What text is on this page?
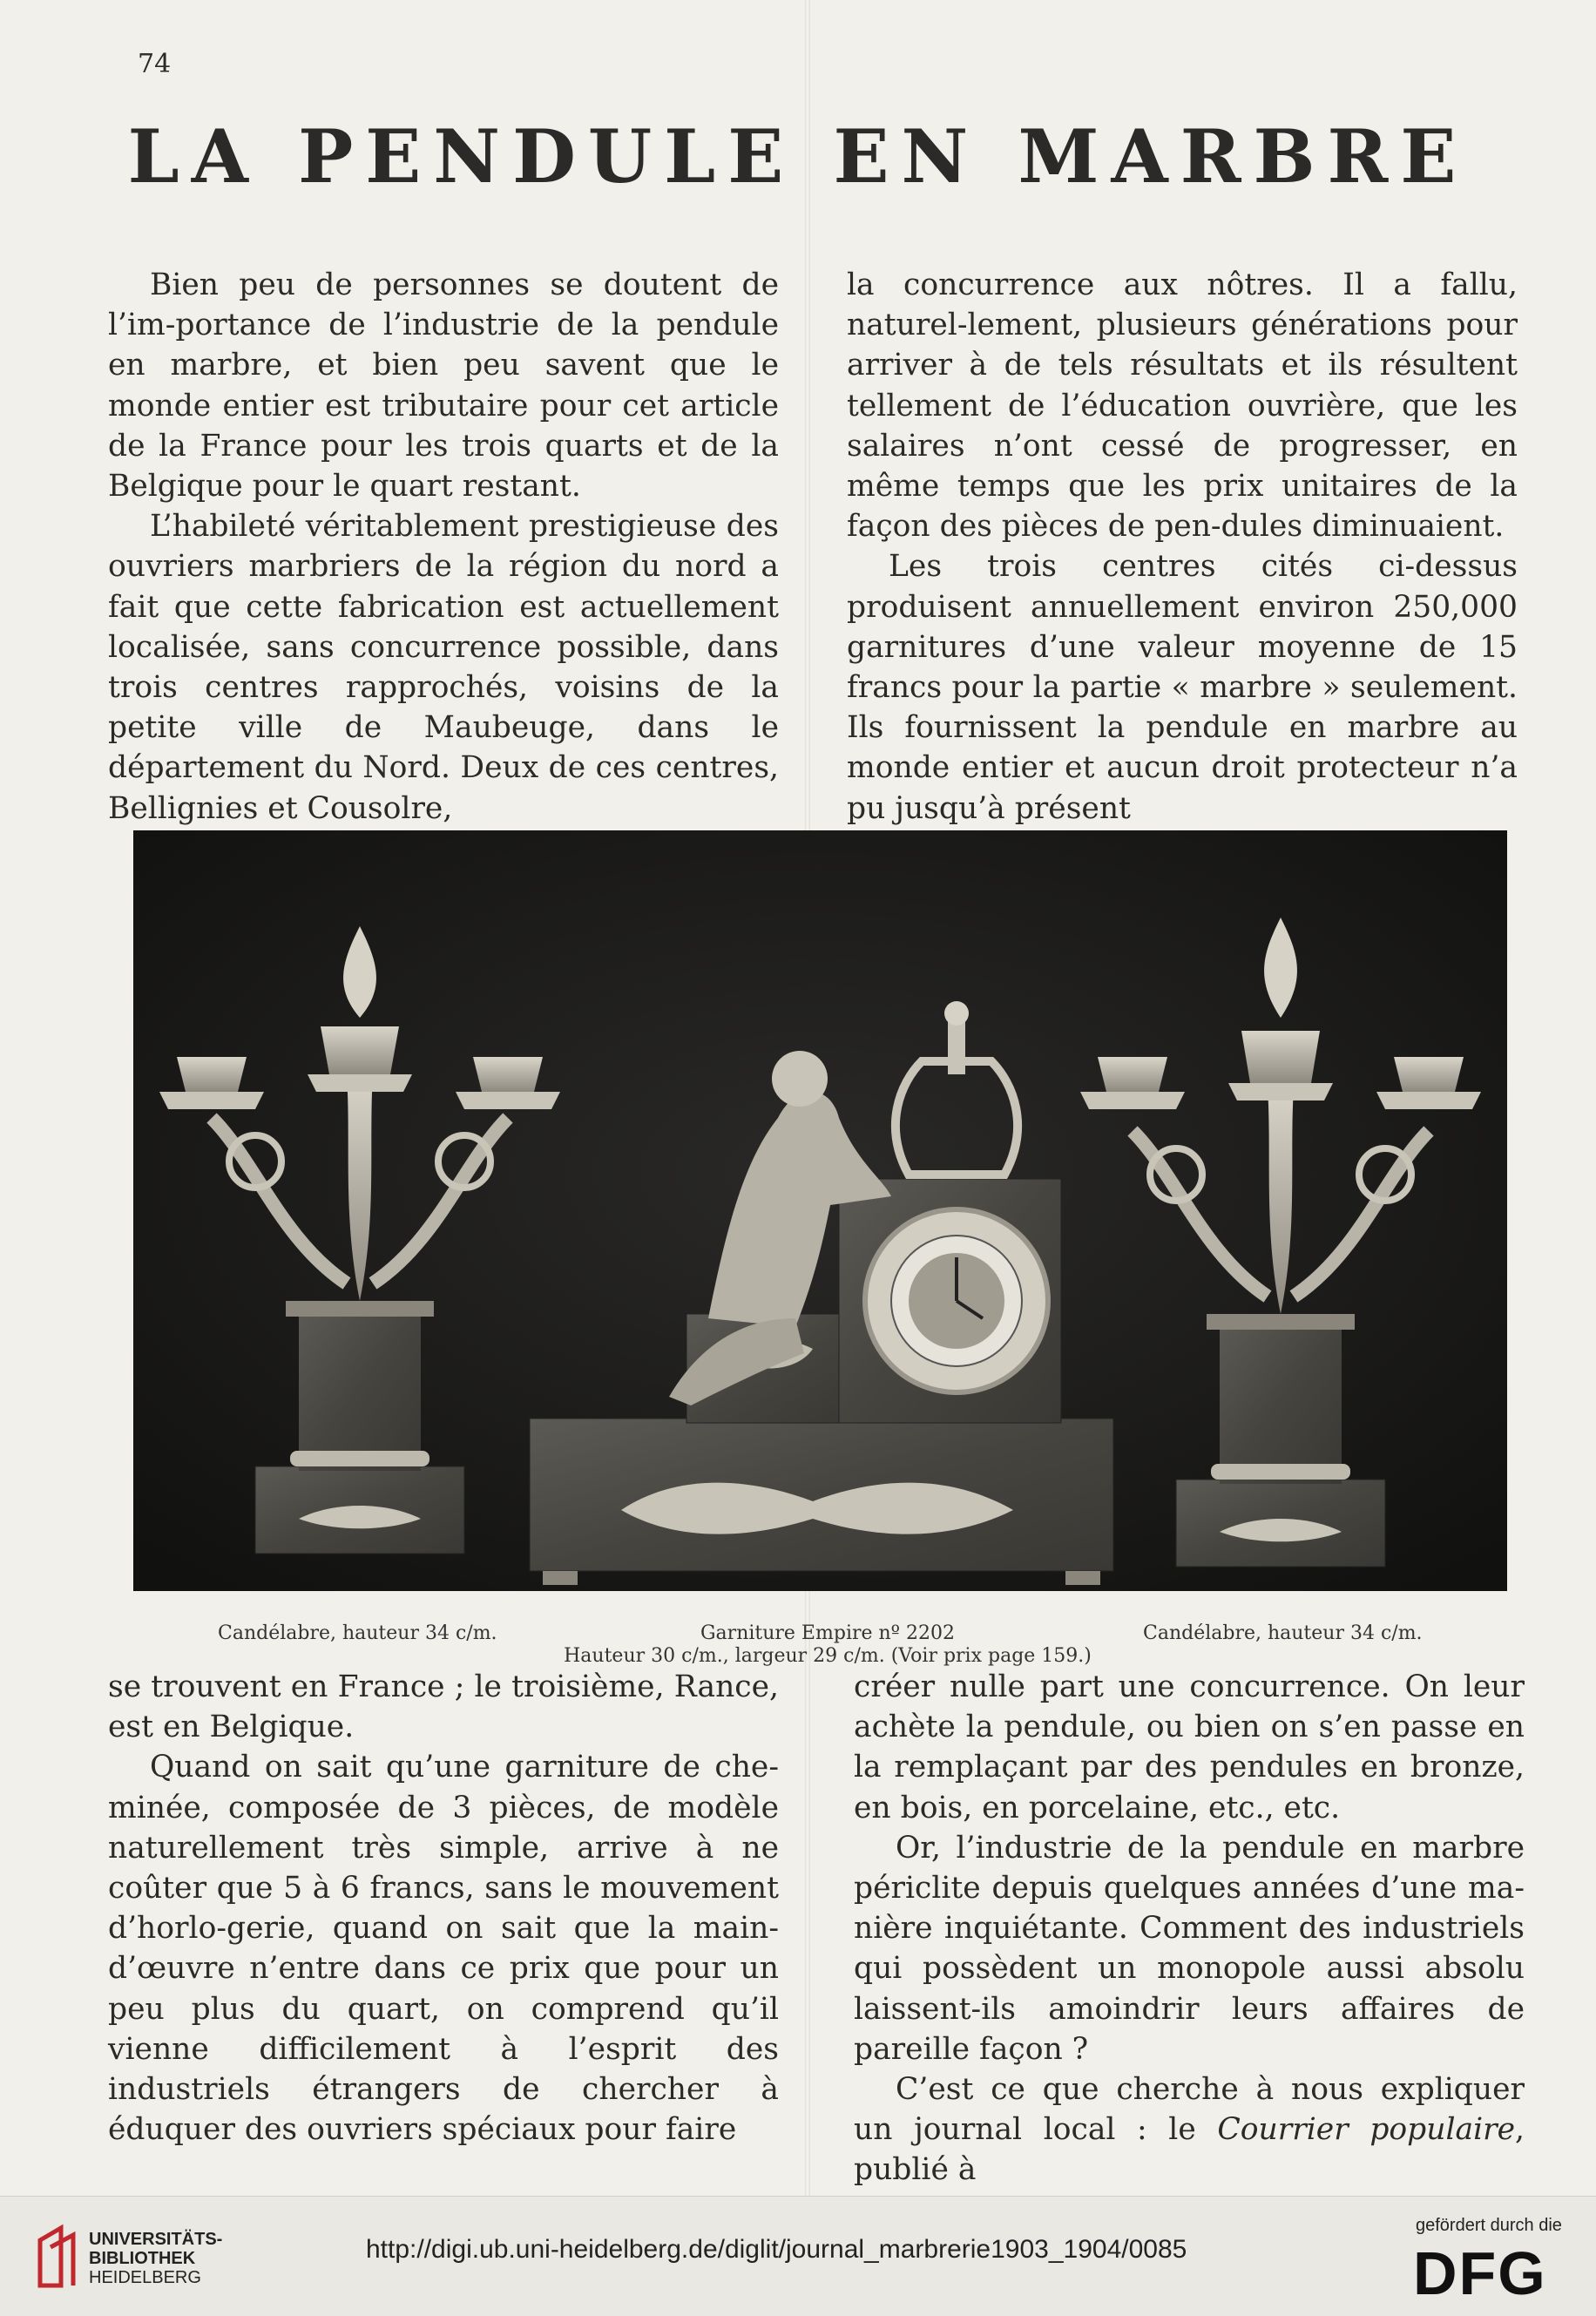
74
LA PENDULE EN MARBRE

Bien peu de personnes se doutent de l’im-portance de l’industrie de la pendule en marbre, et bien peu savent que le monde entier est tributaire pour cet article de la France pour les trois quarts et de la Belgique pour le quart restant.

L’habileté véritablement prestigieuse des ouvriers marbriers de la région du nord a fait que cette fabrication est actuellement localisée, sans concurrence possible, dans trois centres rapprochés, voisins de la petite ville de Maubeuge, dans le département du Nord. Deux de ces centres, Bellignies et Cousolre,

la concurrence aux nôtres. Il a fallu, naturel-lement, plusieurs générations pour arriver à de tels résultats et ils résultent tellement de l’éducation ouvrière, que les salaires n’ont cessé de progresser, en même temps que les prix unitaires de la façon des pièces de pen-dules diminuaient.

Les trois centres cités ci-dessus produisent annuellement environ 250,000 garnitures d’une valeur moyenne de 15 francs pour la partie « marbre » seulement. Ils fournissent la pendule en marbre au monde entier et aucun droit protecteur n’a pu jusqu’à présent

Candélabre, hauteur 34 c/m.	Garniture Empire nº 2202
Hauteur 30 c/m., largeur 29 c/m. (Voir prix page 159.)
Candélabre, hauteur 34 c/m.

se trouvent en France ; le troisième, Rance, est en Belgique.

Quand on sait qu’une garniture de che-minée, composée de 3 pièces, de modèle naturellement très simple, arrive à ne coûter que 5 à 6 francs, sans le mouvement d’horlo-gerie, quand on sait que la main-d’œuvre n’entre dans ce prix que pour un peu plus du quart, on comprend qu’il vienne difficilement à l’esprit des industriels étrangers de chercher à éduquer des ouvriers spéciaux pour faire

créer nulle part une concurrence. On leur achète la pendule, ou bien on s’en passe en la remplaçant par des pendules en bronze, en bois, en porcelaine, etc., etc.

Or, l’industrie de la pendule en marbre périclite depuis quelques années d’une ma-nière inquiétante. Comment des industriels qui possèdent un monopole aussi absolu laissent-ils amoindrir leurs affaires de pareille façon ?

C’est ce que cherche à nous expliquer un journal local : le Courrier populaire, publié à

UNIVERSITÄTS-
BIBLIOTHEK
HEIDELBERG
http://digi.ub.uni-heidelberg.de/diglit/journal_marbrerie1903_1904/0085
gefördert durch die
DFG
